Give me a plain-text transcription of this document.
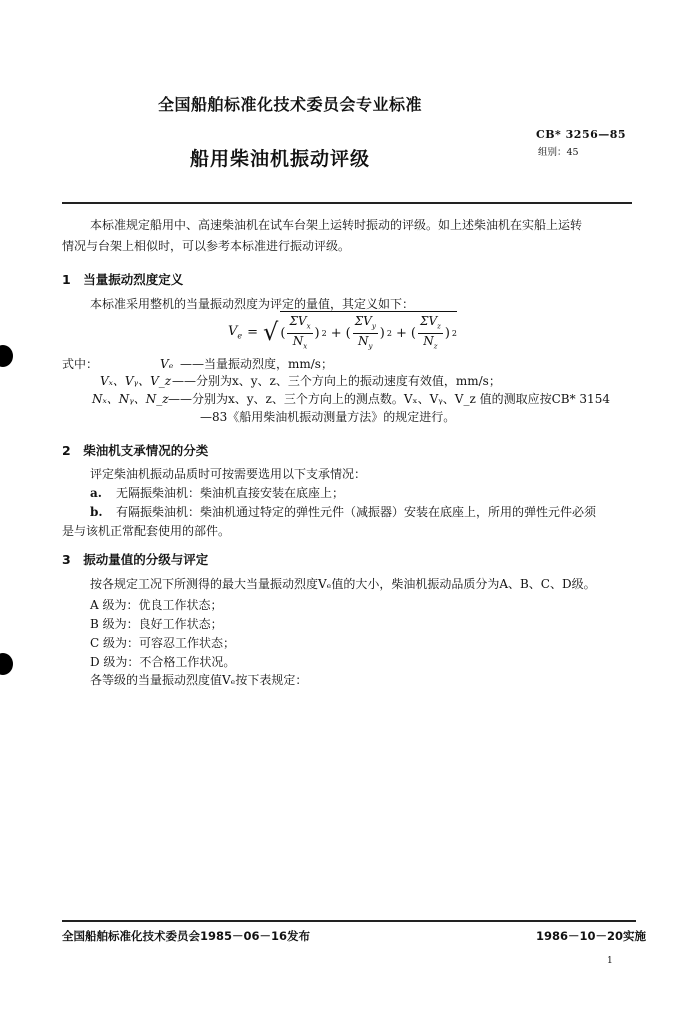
全国船舶标准化技术委员会专业标准
CB* 3256—85
船用柴油机振动评级	组别：45
本标准规定船用中、高速柴油机在试车台架上运转时振动的评级。如上述柴油机在实船上运转
情况与台架上相似时，可以参考本标准进行振动评级。
1　当量振动烈度定义
本标准采用整机的当量振动烈度为评定的量值，其定义如下：
$V_e$ = √ ( $\frac{\Sigma V_x}{N_x}$ ) 2 + ( $\frac{\Sigma V_y}{N_y}$ ) 2 + ( $\frac{\Sigma V_z}{N_z}$ ) 2
式中：	Vₑ ——当量振动烈度，mm/s；
Vₓ、Vᵧ、V_z ——分别为x、y、z、三个方向上的振动速度有效值，mm/s；
Nₓ、Nᵧ、N_z ——分别为x、y、z、三个方向上的测点数。Vₓ、Vᵧ、V_z 值的测取应按CB* 3154
—83《船用柴油机振动测量方法》的规定进行。
2　柴油机支承情况的分类
评定柴油机振动品质时可按需要选用以下支承情况：
a. 无隔振柴油机：柴油机直接安装在底座上；
b. 有隔振柴油机：柴油机通过特定的弹性元件（减振器）安装在底座上，所用的弹性元件必须
是与该机正常配套使用的部件。
3　振动量值的分级与评定
按各规定工况下所测得的最大当量振动烈度Vₑ值的大小，柴油机振动品质分为A、B、C、D级。
A 级为：优良工作状态；
B 级为：良好工作状态；
C 级为：可容忍工作状态；
D 级为：不合格工作状况。
各等级的当量振动烈度值Vₑ按下表规定：
全国船舶标准化技术委员会1985－06－16发布	1986－10－20实施
1
